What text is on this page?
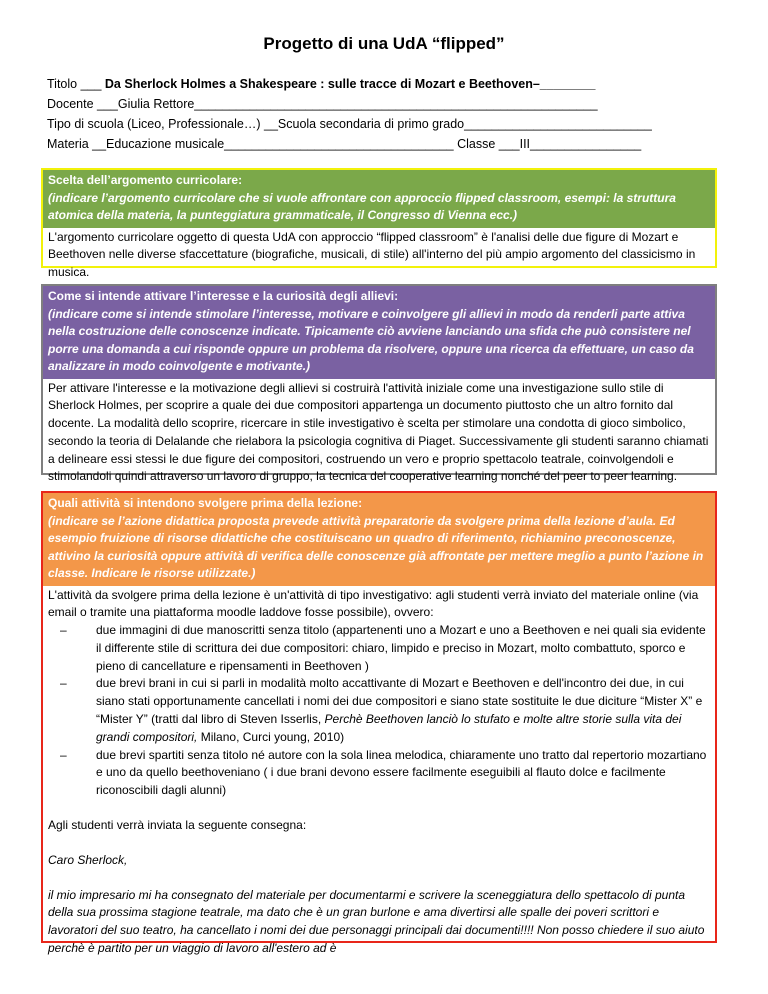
Progetto di una UdA “flipped”
Titolo ___ Da Sherlock Holmes a Shakespeare : sulle tracce di Mozart e Beethoven–________
Docente ___Giulia Rettore__________________________________________________________
Tipo di scuola (Liceo, Professionale…) __Scuola secondaria di primo grado___________________________
Materia __Educazione musicale_________________________________ Classe ___III________________
Scelta dell’argomento curricolare:
(indicare l’argomento curricolare che si vuole affrontare con approccio flipped classroom, esempi: la struttura atomica della materia, la punteggiatura grammaticale, il Congresso di Vienna ecc.)
L'argomento curricolare oggetto di questa UdA con approccio “flipped classroom” è l'analisi delle due figure di Mozart e Beethoven nelle diverse sfaccettature (biografiche, musicali, di stile) all'interno del più ampio argomento del classicismo in musica.
Come si intende attivare l’interesse e la curiosità degli allievi:
(indicare come si intende stimolare l’interesse, motivare e coinvolgere gli allievi in modo da renderli parte attiva nella costruzione delle conoscenze indicate. Tipicamente ciò avviene lanciando una sfida che può consistere nel porre una domanda a cui risponde oppure un problema da risolvere, oppure una ricerca da effettuare, un caso da analizzare in modo coinvolgente e motivante.)
Per attivare l'interesse e la motivazione degli allievi si costruirà l'attività iniziale come una investigazione sullo stile di Sherlock Holmes, per scoprire a quale dei due compositori appartenga un documento piuttosto che un altro fornito dal docente. La modalità dello scoprire, ricercare in stile investigativo è scelta per stimolare una condotta di gioco simbolico, secondo la teoria di Delalande che rielabora la psicologia cognitiva di Piaget. Successivamente gli studenti saranno chiamati a delineare essi stessi le due figure dei compositori, costruendo un vero e proprio spettacolo teatrale, coinvolgendoli e stimolandoli quindi attraverso un lavoro di gruppo, la tecnica del cooperative learning nonché del peer to peer learning.
Quali attività si intendono svolgere prima della lezione:
(indicare se l’azione didattica proposta prevede attività preparatorie da svolgere prima della lezione d’aula. Ed esempio fruizione di risorse didattiche che costituiscano un quadro di riferimento, richiamino preconoscenze, attivino la curiosità oppure attività di verifica delle conoscenze già affrontate per mettere meglio a punto l’azione in classe. Indicare le risorse utilizzate.)

L'attività da svolgere prima della lezione è un'attività di tipo investigativo: agli studenti verrà inviato del materiale online (via email o tramite una piattaforma moodle laddove fosse possibile), ovvero:

– due immagini di due manoscritti senza titolo (appartenenti uno a Mozart e uno a Beethoven e nei quali sia evidente il differente stile di scrittura dei due compositori: chiaro, limpido e preciso in Mozart, molto combattuto, sporco e pieno di cancellature e ripensamenti in Beethoven )
– due brevi brani in cui si parli in modalità molto accattivante di Mozart e Beethoven e dell'incontro dei due, in cui siano stati opportunamente cancellati i nomi dei due compositori e siano state sostituite le due diciture “Mister X” e “Mister Y” (tratti dal libro di Steven Isserlis, Perchè Beethoven lanciò lo stufato e molte altre storie sulla vita dei grandi compositori, Milano, Curci young, 2010)
– due brevi spartiti senza titolo né autore con la sola linea melodica, chiaramente uno tratto dal repertorio mozartiano e uno da quello beethoveniano ( i due brani devono essere facilmente eseguibili al flauto dolce e facilmente riconoscibili dagli alunni)

Agli studenti verrà inviata la seguente consegna:

Caro Sherlock,

il mio impresario mi ha consegnato del materiale per documentarmi e scrivere la sceneggiatura dello spettacolo di punta della sua prossima stagione teatrale, ma dato che è un gran burlone e ama divertirsi alle spalle dei poveri scrittori e lavoratori del suo teatro, ha cancellato i nomi dei due personaggi principali dai documenti!!!! Non posso chiedere il suo aiuto perchè è partito per un viaggio di lavoro all'estero ad è
